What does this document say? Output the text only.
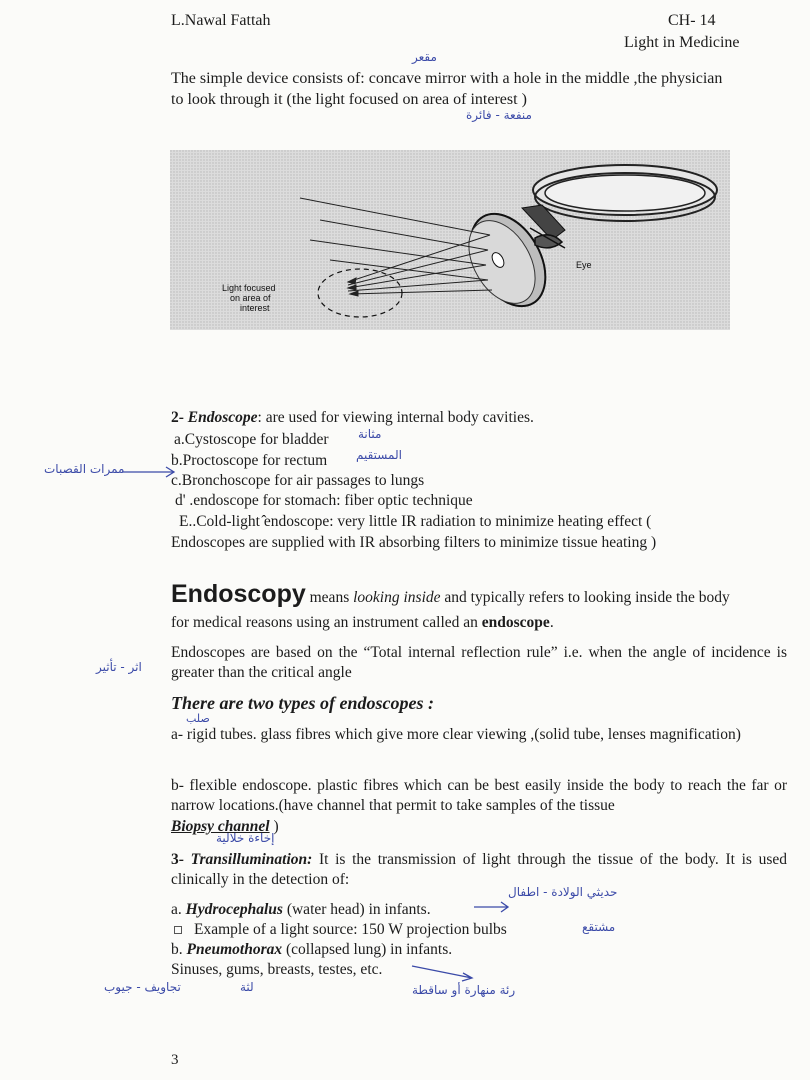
L.Nawal Fattah	CH- 14
Light in Medicine
The simple device consists of: concave mirror with a hole in the middle ,the physician
to look through it (the light focused on area of interest )
Eye
Light focused
on area of
interest
2- Endoscope: are used for viewing internal body cavities.
a.Cystoscope for bladder
b.Proctoscope for rectum
c.Bronchoscope for air passages to lungs
d' .endoscope for stomach: fiber optic technique
E..Cold-light ̂endoscope: very little IR radiation to minimize heating effect (
Endoscopes are supplied with IR absorbing filters to minimize tissue heating )
Endoscopy means looking inside and typically refers to looking inside the body
for medical reasons using an instrument called an endoscope.
Endoscopes are based on the “Total internal reflection rule” i.e. when the angle of incidence is greater than the critical angle
There are two types of endoscopes :
a- rigid tubes. glass fibres which give more clear viewing ,(solid tube, lenses magnification)
b- flexible endoscope. plastic fibres which can be best easily inside the body to reach the far or narrow locations.(have channel that permit to take samples of the tissue
Biopsy channel )
3- Transillumination: It is the transmission of light through the tissue of the body. It is used clinically in the detection of:
a. Hydrocephalus (water head) in infants.
Example of a light source: 150 W projection bulbs
b. Pneumothorax (collapsed lung) in infants.
Sinuses, gums, breasts, testes, etc.
مقعر
منفعة - فائرة
مثانة
المستقيم
ممرات القصبات
اثر - تأثير
صلب
إخاءة خلالية
حديثي الولادة - اطفال
مشتقع
تجاويف - جيوب	لثة	رئة منهارة أو ساقطة
3
